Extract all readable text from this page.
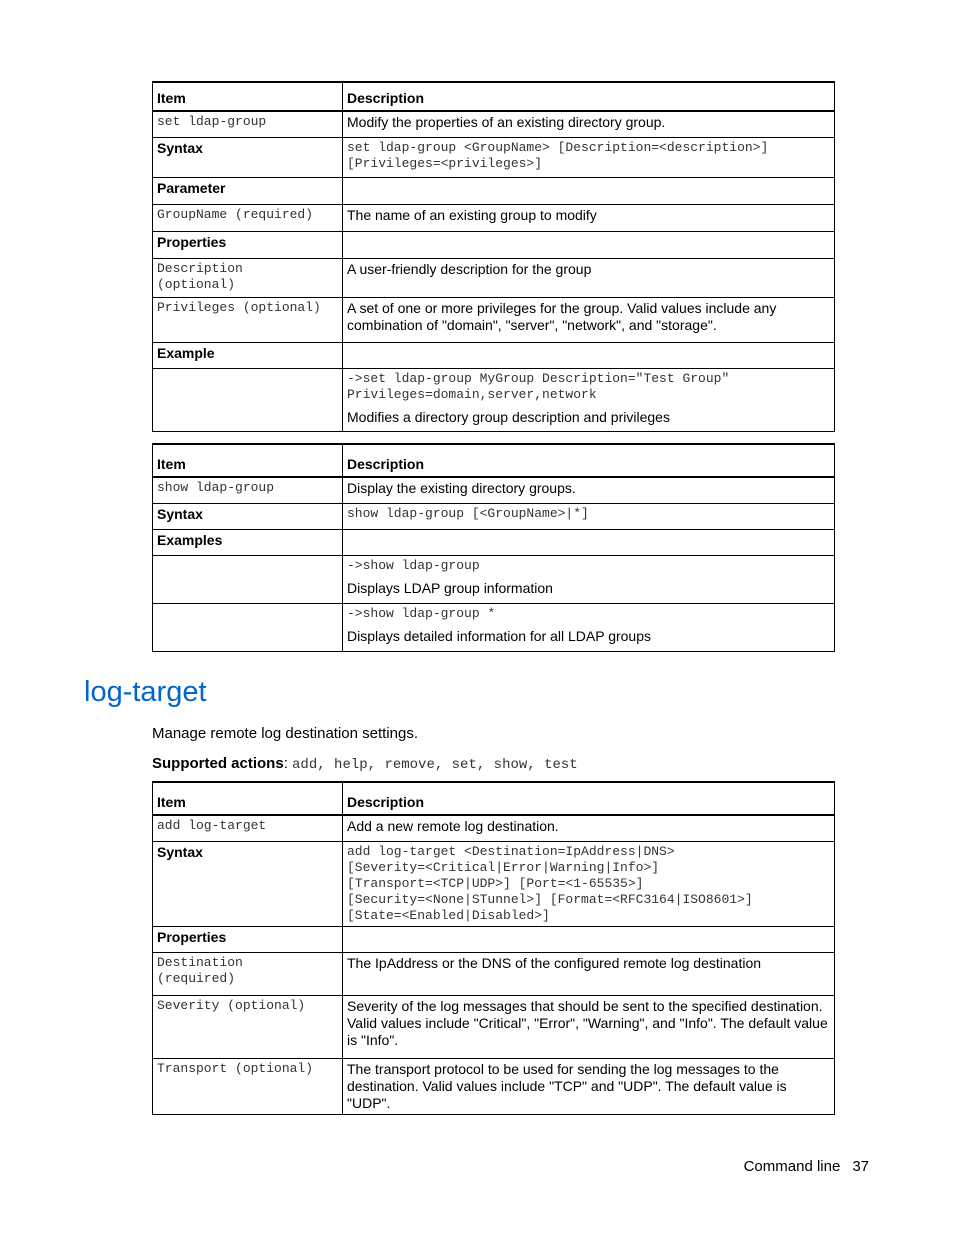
Item	Description
set ldap-group	Modify the properties of an existing directory group.
Syntax	set ldap-group <GroupName> [Description=<description>]
[Privileges=<privileges>]
Parameter	
GroupName (required)	The name of an existing group to modify
Properties	
Description
(optional)	A user-friendly description for the group
Privileges (optional)	A set of one or more privileges for the group. Valid values include any combination of "domain", "server", "network", and "storage".
Example	

	->set ldap-group MyGroup Description="Test Group"
Privileges=domain,server,network
Modifies a directory group description and privileges
Item	Description
show ldap-group	Display the existing directory groups.
Syntax	show ldap-group [<GroupName>|*]
Examples	

	->show ldap-group
Displays LDAP group information

	->show ldap-group *
Displays detailed information for all LDAP groups
log-target

Manage remote log destination settings.

Supported actions: add, help, remove, set, show, test

Item	Description
add log-target	Add a new remote log destination.
Syntax	add log-target <Destination=IpAddress|DNS>
[Severity=<Critical|Error|Warning|Info>]
[Transport=<TCP|UDP>] [Port=<1-65535>]
[Security=<None|STunnel>] [Format=<RFC3164|ISO8601>]
[State=<Enabled|Disabled>]
Properties	
Destination
(required)	The IpAddress or the DNS of the configured remote log destination
Severity (optional)	Severity of the log messages that should be sent to the specified destination. Valid values include "Critical", "Error", "Warning", and "Info". The default value is "Info".
Transport (optional)	The transport protocol to be used for sending the log messages to the destination. Valid values include "TCP" and "UDP". The default value is "UDP".
Command line 37
